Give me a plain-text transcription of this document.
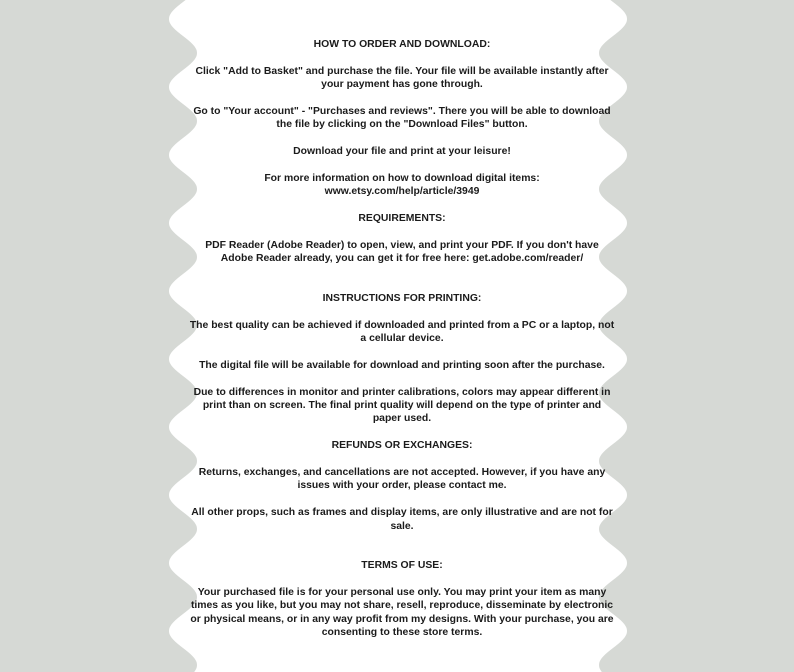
HOW TO ORDER AND DOWNLOAD:

Click "Add to Basket" and purchase the file. Your file will be available instantly after your payment has gone through.

Go to "Your account" - "Purchases and reviews". There you will be able to download the file by clicking on the "Download Files" button.

Download your file and print at your leisure!

For more information on how to download digital items:

www.etsy.com/help/article/3949

REQUIREMENTS:

PDF Reader (Adobe Reader) to open, view, and print your PDF. If you don't have Adobe Reader already, you can get it for free here: get.adobe.com/reader/

INSTRUCTIONS FOR PRINTING:

The best quality can be achieved if downloaded and printed from a PC or a laptop, not a cellular device.

The digital file will be available for download and printing soon after the purchase.

Due to differences in monitor and printer calibrations, colors may appear different in print than on screen. The final print quality will depend on the type of printer and paper used.

REFUNDS OR EXCHANGES:

Returns, exchanges, and cancellations are not accepted. However, if you have any issues with your order, please contact me.

All other props, such as frames and display items, are only illustrative and are not for sale.

TERMS OF USE:

Your purchased file is for your personal use only. You may print your item as many times as you like, but you may not share, resell, reproduce, disseminate by electronic or physical means, or in any way profit from my designs. With your purchase, you are consenting to these store terms.
